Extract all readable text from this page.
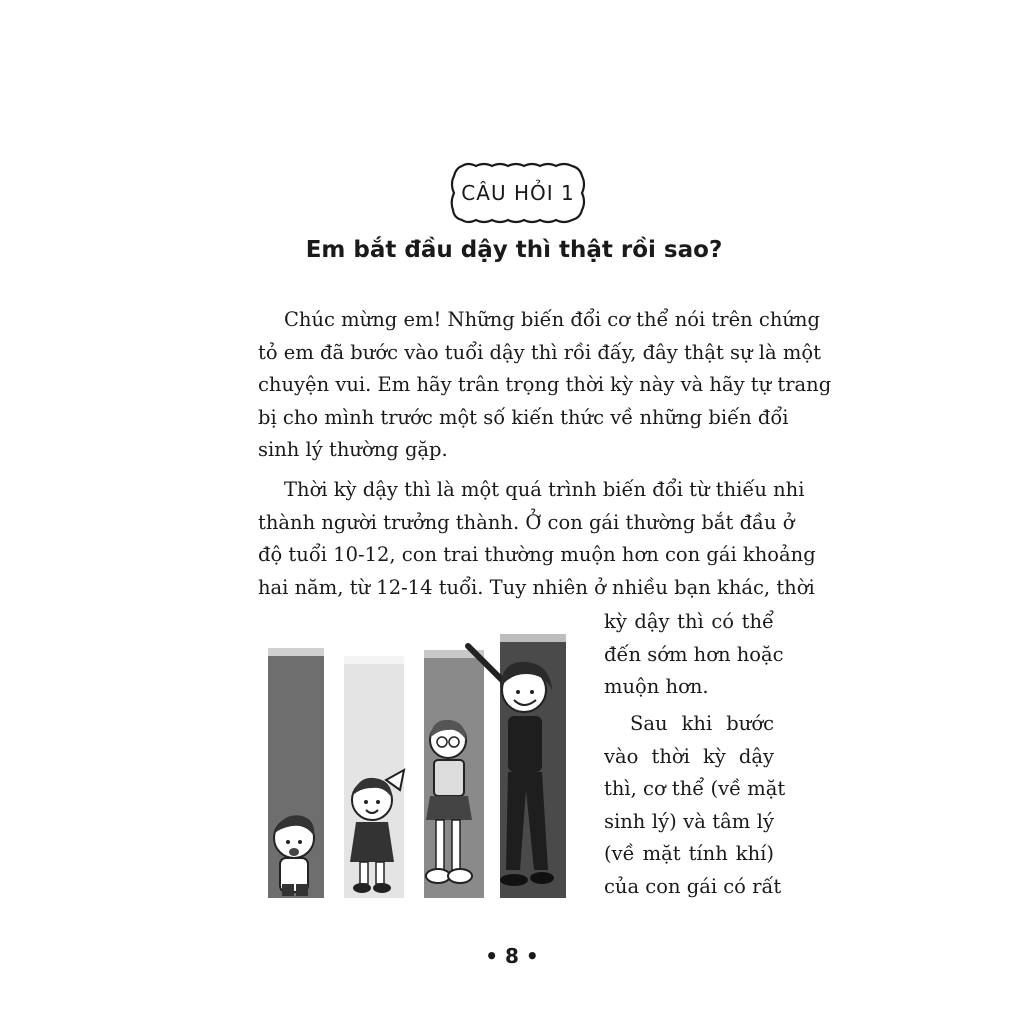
CÂU HỎI 1
Em bắt đầu dậy thì thật rồi sao?

Chúc mừng em! Những biến đổi cơ thể nói trên chứng
tỏ em đã bước vào tuổi dậy thì rồi đấy, đây thật sự là một
chuyện vui. Em hãy trân trọng thời kỳ này và hãy tự trang
bị cho mình trước một số kiến thức về những biến đổi
sinh lý thường gặp.

Thời kỳ dậy thì là một quá trình biến đổi từ thiếu nhi
thành người trưởng thành. Ở con gái thường bắt đầu ở
độ tuổi 10-12, con trai thường muộn hơn con gái khoảng
hai năm, từ 12-14 tuổi. Tuy nhiên ở nhiều bạn khác, thời

kỳ dậy thì có thể
đến sớm hơn hoặc
muộn hơn.

Sau khi bước
vào thời kỳ dậy
thì, cơ thể (về mặt
sinh lý) và tâm lý
(về mặt tính khí)
của con gái có rất

• 8 •
